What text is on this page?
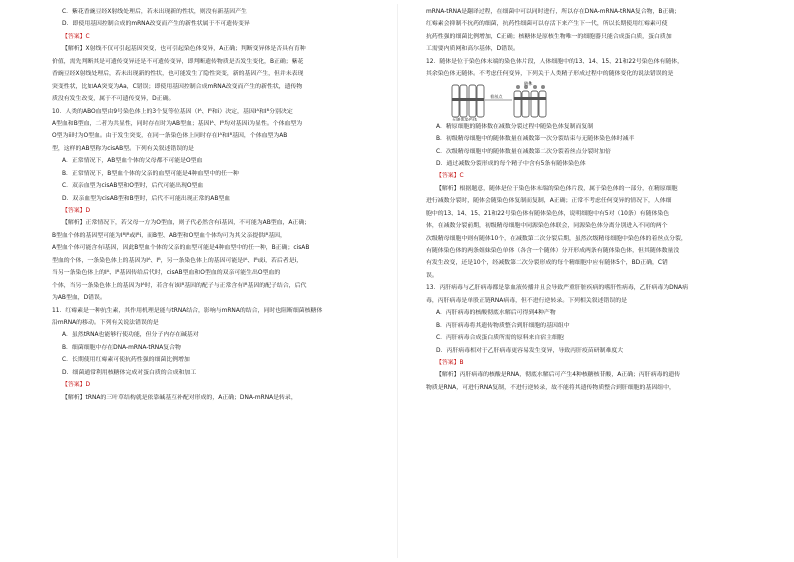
C．紫花香豌豆经X射线处理后，若未出现新的性状，则没有新基因产生
D．即使用基因控制合成的mRNA改变而产生的新性状属于不可遗传变异
【答案】C
【解析】X射线不仅可引起基因突变，也可引起染色体变异，A正确；判断变异体是否具有育种
价值，需先判断其是可遗传变异还是不可遗传变异，即判断遗传物质是否发生变化，B正确；紫花
香豌豆经X射线处理后，若未出现新的性状，也可能发生了隐性突变，新的基因产生，但并未表现
突变性状，比如AA突变为Aa，C错误；即使用基因控制合成mRNA改变而产生的新性状，遗传物
质没有发生改变，属于不可遗传变异，D正确。
10．人类的ABO血型由9号染色体上的3个复等位基因（Iᴬ、Iᴮ和i）决定，基因Iᴬ和Iᴮ分别决定
A型血和B型血，二者为共显性，同时存在时为AB型血；基因Iᴬ、Iᴮ均对基因i为显性。个体血型为
O型为ii时为O型血。由于发生突变，在同一条染色体上同时存在Iᴬ和Iᴮ基因，个体血型为AB
型，这样的AB型称为cisAB型。下列有关叙述错误的是
A．正常情况下，AB型血个体的父母都不可能是O型血
B．正常情况下，B型血个体的父亲的血型可能是4种血型中的任一种
C．双亲血型为cisAB型和O型时，后代可能出现O型血
D．双亲血型为cisAB型和B型时，后代不可能出现正常的AB型血
【答案】D
【解析】正常情况下，若父母一方为O型血，则子代必然含有i基因，不可能为AB型血，A正确；
B型血个体的基因型可能为IᴮIᴮ或Iᴮi，而B型、AB型和O型血个体均可为其父亲提供Iᴮ基因，
A型血个体可能含有i基因，因此B型血个体的父亲的血型可能是4种血型中的任一种，B正确；cisAB
型血的个体，一条染色体上的基因为Iᴬ、Iᴮ，另一条染色体上的基因可能是Iᴬ、Iᴮ或i，若后者是i，
当另一条染色体上的Iᴬ、Iᴮ基因传给后代时，cisAB型血和O型血的双亲可能生出O型血的
个体，当另一条染色体上的基因为Iᴬ时，若含有该Iᴮ基因的配子与正常含有Iᴮ基因的配子结合，后代
为AB型血，D错误。
11．红霉素是一种抗生素，其作用机理是能与tRNA结合，影响与mRNA的结合，同时也阻断细菌核糖体
沿mRNA的移动。下列有关说法错误的是
A．虽然tRNA也能够行使功能，但分子内存在碱基对
B．细菌细胞中存在DNA-mRNA-tRNA复合物
C．长期使用红霉素可使抗药性强的细菌比例增加
D．细菌通常利用核糖体完成对蛋白质的合成和加工
【答案】D
【解析】tRNA的三叶草结构就是依靠碱基互补配对形成的，A正确；DNA-mRNA是转录，
mRNA-tRNA是翻译过程，在细菌中可以同时进行，所以存在DNA-mRNA-tRNA复合物，B正确；
红霉素会抑制不抗药的细菌，抗药性细菌可以存活下来产生下一代，所以长期使用红霉素可使
抗药性强的细菌比例增加，C正确；核糖体是原核生物唯一的细胞器只能合成蛋白质，蛋白质加
工需要内质网和高尔基体，D错误。
12．随体是位于染色体末端的染色体片段，人体细胞中的13、14、15、21和22号染色体有随体，
其余染色体无随体。不考虑任何变异，下列关于人类精子形成过程中的随体变化的说法错误的是
随体
无随体染色体
着丝点
A．精原细胞的随体数在减数分裂过程中随染色体复制而复制
B．初级精母细胞中的随体数量在减数第一次分裂结束与无随体染色体时减半
C．次级精母细胞中的随体数量在减数第二次分裂着丝点分裂时加倍
D．通过减数分裂形成的每个精子中含有5条有随体染色体
【答案】C
【解析】根据题意，随体是位于染色体末端的染色体片段，属于染色体的一部分，在精原细胞
进行减数分裂时，随体会随染色体复制而复制，A正确；正常不考虑任何变异的情况下，人体细
胞中的13、14、15、21和22号染色体有随体染色体，说明细胞中有5对（10条）有随体染色
体，在减数分裂前期，初级精母细胞中同源染色体联会，同源染色体分离分别进入不同的两个
次级精母细胞中则有随体10个，在减数第二次分裂后期，虽然次级精母细胞中染色体的着丝点分裂，
有随体染色体的两条姐妹染色单体（各含一个随体）分开形成两条有随体染色体，但其随体数量没
有发生改变，还是10个，经减数第二次分裂形成的每个精细胞中应有随体5个，BD正确，C错
误。
13．丙肝病毒与乙肝病毒都是靠血液传播并且会导致严重肝脏疾病的嗜肝性病毒，乙肝病毒为DNA病
毒，丙肝病毒是单股正链RNA病毒，但不进行逆转录。下列相关叙述错误的是
A．丙肝病毒的核酸彻底水解后可得到4种产物
B．丙肝病毒将其遗传物质整合到肝细胞的基因组中
C．丙肝病毒合成蛋白质所需的原料来自宿主细胞
D．丙肝病毒相对于乙肝病毒更容易发生变异，导致丙肝疫苗研制难度大
【答案】B
【解析】丙肝病毒的核酸是RNA，彻底水解后可产生4种核糖核苷酸，A正确；丙肝病毒的遗传
物质是RNA，可进行RNA复制，不进行逆转录，故不能将其遗传物质整合到肝细胞的基因组中，
